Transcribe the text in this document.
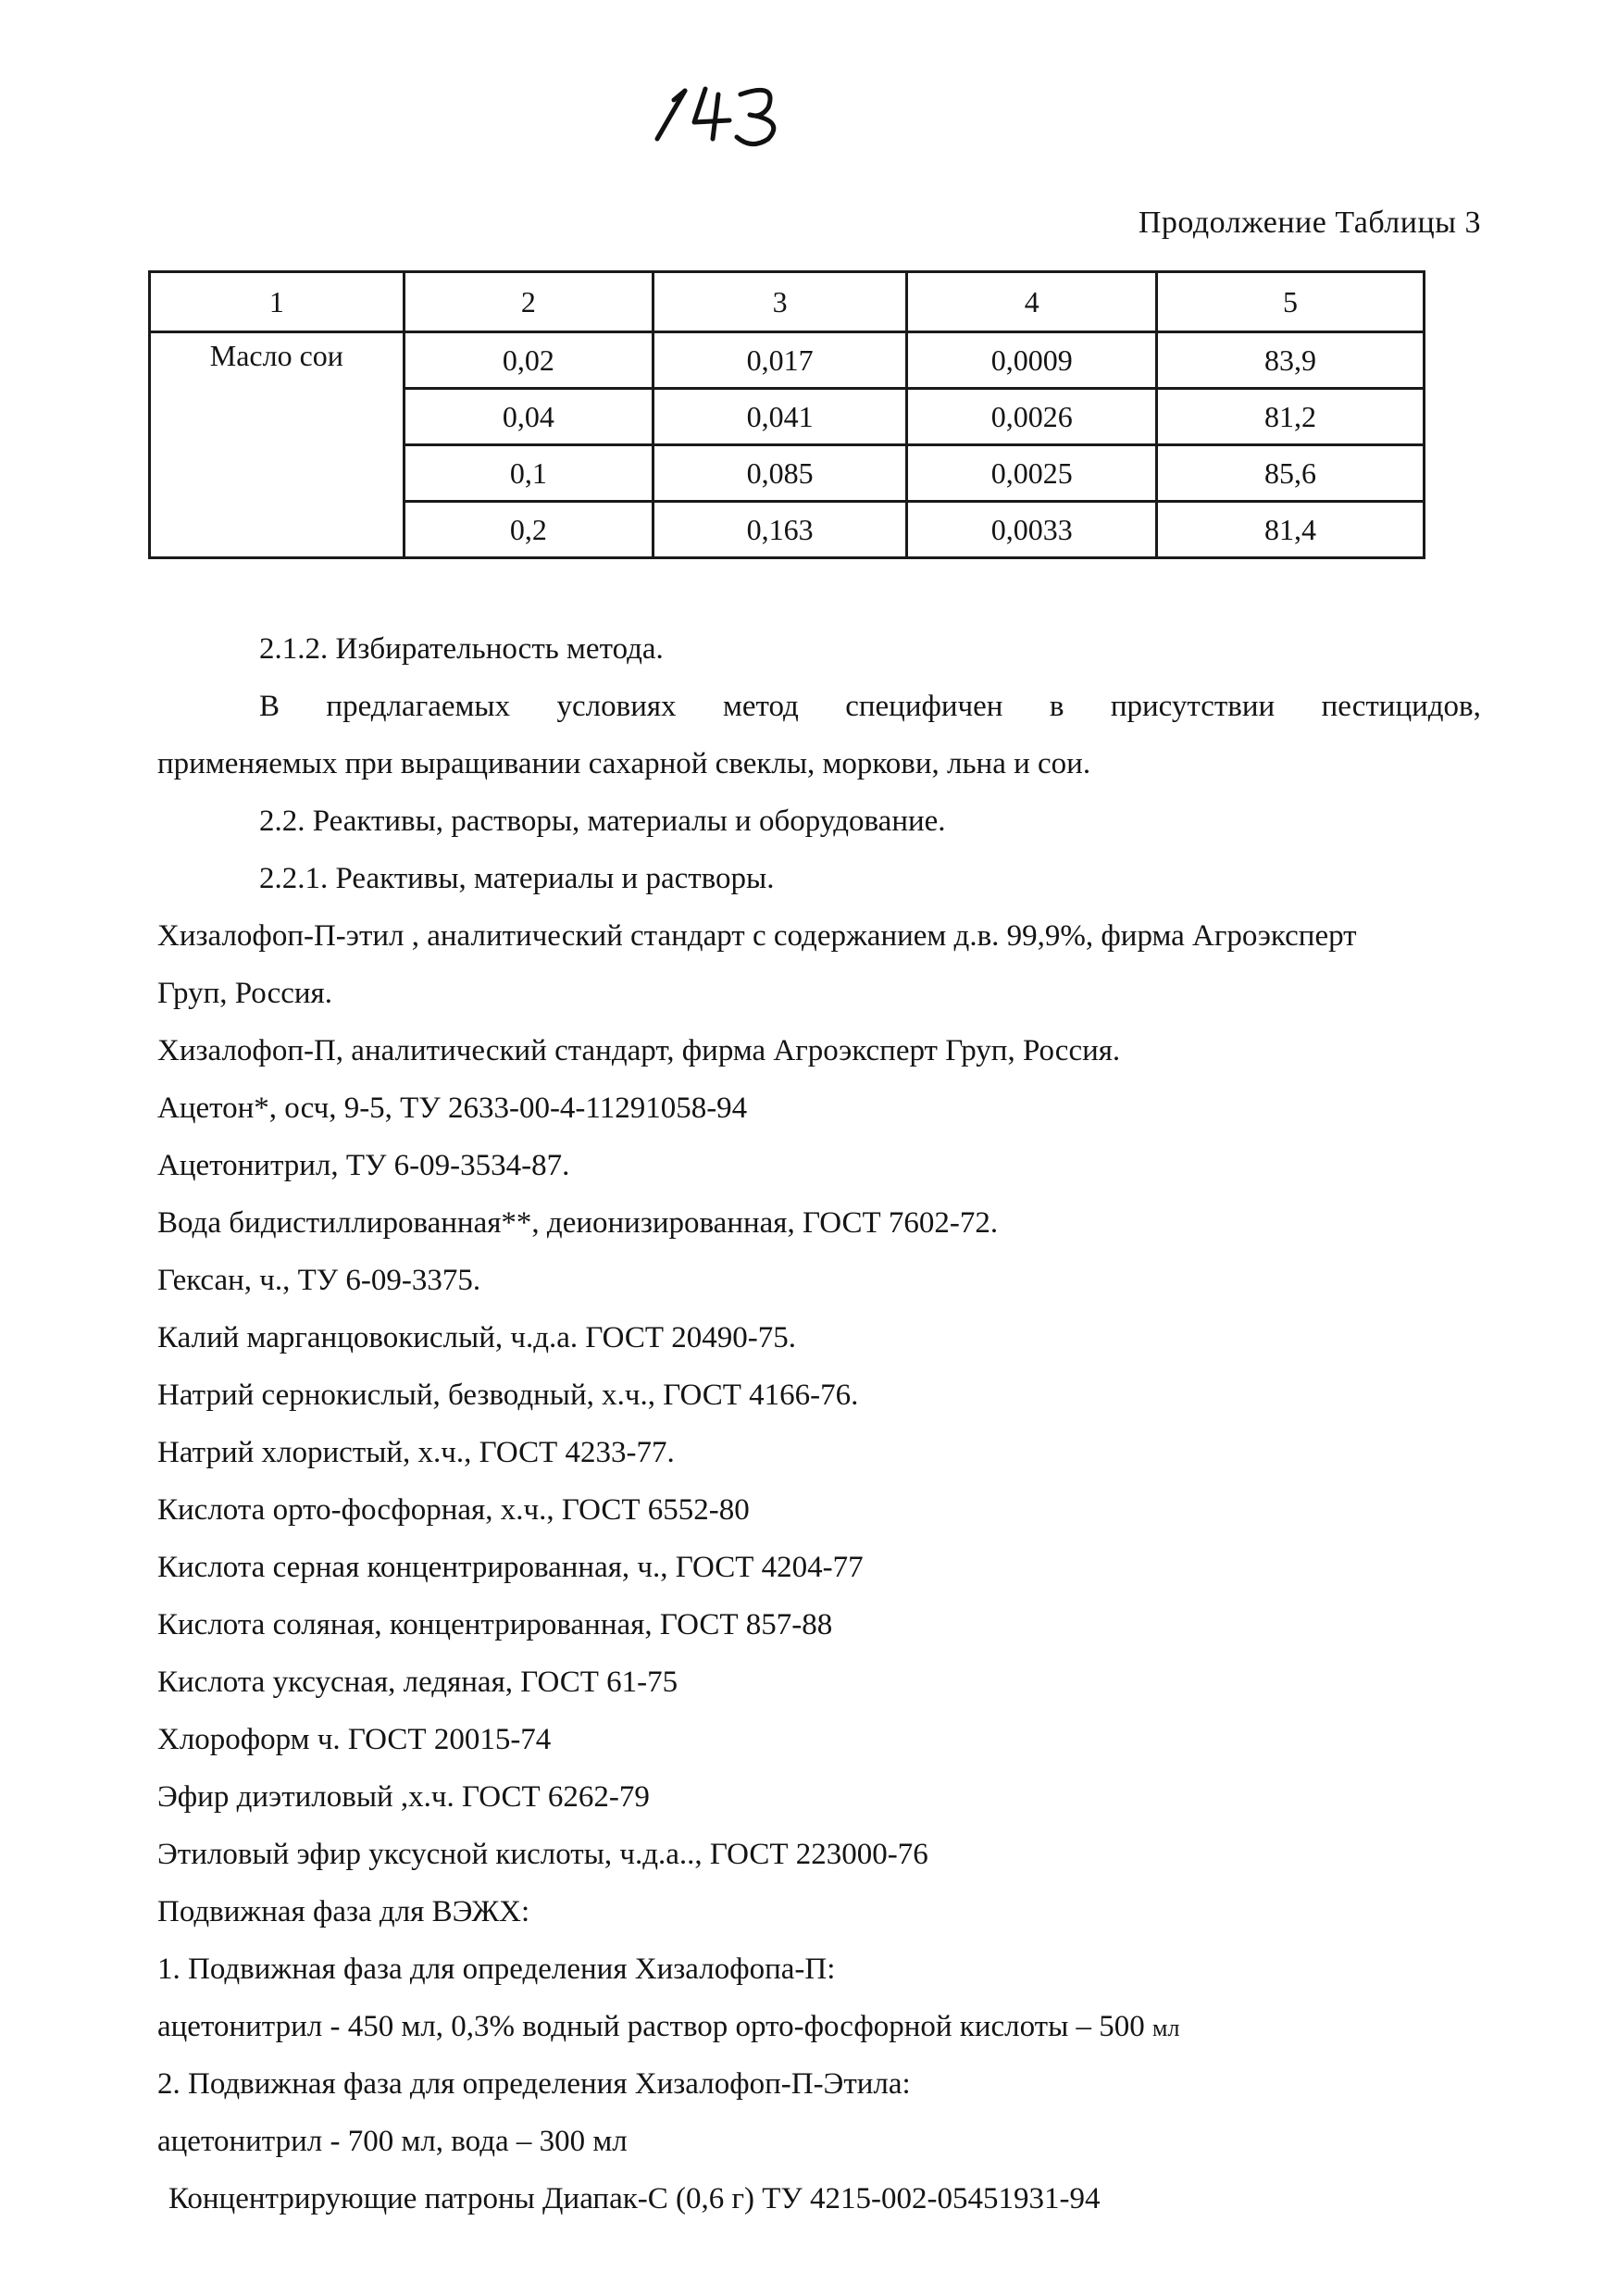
Продолжение Таблицы 3
1	2	3	4	5
Масло сои	0,02	0,017	0,0009	83,9
	0,04	0,041	0,0026	81,2
	0,1	0,085	0,0025	85,6
	0,2	0,163	0,0033	81,4
2.1.2. Избирательность метода.
В предлагаемых условиях метод специфичен в присутствии пестицидов,
применяемых при выращивании сахарной свеклы, моркови, льна и сои.
2.2. Реактивы, растворы, материалы и оборудование.
2.2.1. Реактивы, материалы и растворы.
Хизалофоп-П-этил , аналитический стандарт с содержанием д.в. 99,9%, фирма Агроэксперт
Груп, Россия.
Хизалофоп-П, аналитический стандарт, фирма Агроэксперт Груп, Россия.
Ацетон*, осч, 9-5, ТУ 2633-00-4-11291058-94
Ацетонитрил, ТУ 6-09-3534-87.
Вода бидистиллированная**, деионизированная, ГОСТ 7602-72.
Гексан, ч., ТУ 6-09-3375.
Калий марганцовокислый, ч.д.а. ГОСТ 20490-75.
Натрий сернокислый, безводный, х.ч., ГОСТ 4166-76.
Натрий хлористый, х.ч., ГОСТ 4233-77.
Кислота орто-фосфорная, х.ч., ГОСТ 6552-80
Кислота серная концентрированная, ч., ГОСТ 4204-77
Кислота соляная, концентрированная, ГОСТ 857-88
Кислота уксусная, ледяная, ГОСТ 61-75
Хлороформ ч. ГОСТ 20015-74
Эфир диэтиловый ,х.ч. ГОСТ 6262-79
Этиловый эфир уксусной кислоты, ч.д.а.., ГОСТ 223000-76
Подвижная фаза для ВЭЖХ:
1. Подвижная фаза для определения Хизалофопа-П:
ацетонитрил - 450 мл, 0,3% водный раствор орто-фосфорной кислоты – 500 мл
2. Подвижная фаза для определения Хизалофоп-П-Этила:
ацетонитрил - 700 мл, вода – 300 мл
Концентрирующие патроны Диапак-С (0,6 г) ТУ 4215-002-05451931-94
